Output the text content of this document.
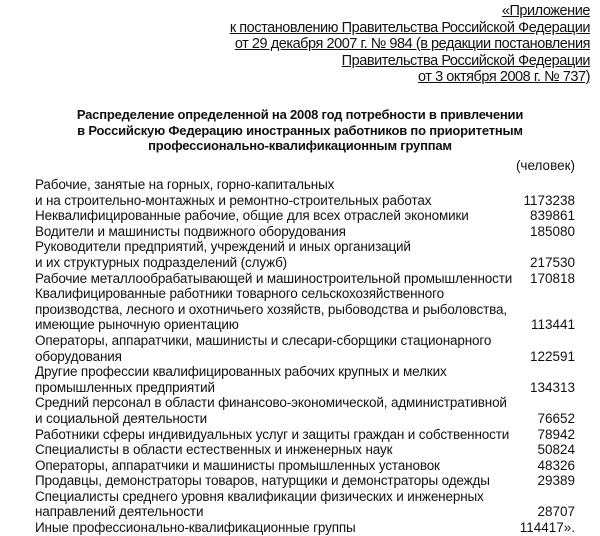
«Приложение
к постановлению Правительства Российской Федерации
от 29 декабря 2007 г. № 984 (в редакции постановления
Правительства Российской Федерации
от 3 октября 2008 г. № 737)
Распределение определенной на 2008 год потребности в привлечении
в Российскую Федерацию иностранных работников по приоритетным
профессионально-квалификационным группам
(человек)
Рабочие, занятые на горных, горно-капитальных
и на строительно-монтажных и ремонтно-строительных работах	1173238
Неквалифицированные рабочие, общие для всех отраслей экономики	839861
Водители и машинисты подвижного оборудования	185080
Руководители предприятий, учреждений и иных организаций
и их структурных подразделений (служб)	217530
Рабочие металлообрабатывающей и машиностроительной промышленности	170818
Квалифицированные работники товарного сельскохозяйственного
производства, лесного и охотничьего хозяйств, рыбоводства и рыболовства,
имеющие рыночную ориентацию	113441
Операторы, аппаратчики, машинисты и слесари-сборщики стационарного
оборудования	122591
Другие профессии квалифицированных рабочих крупных и мелких
промышленных предприятий	134313
Средний персонал в области финансово-экономической, административной
и социальной деятельности	76652
Работники сферы индивидуальных услуг и защиты граждан и собственности	78942
Специалисты в области естественных и инженерных наук	50824
Операторы, аппаратчики и машинисты промышленных установок	48326
Продавцы, демонстраторы товаров, натурщики и демонстраторы одежды	29389
Специалисты среднего уровня квалификации физических и инженерных
направлений деятельности	28707
Иные профессионально-квалификационные группы	114417».
